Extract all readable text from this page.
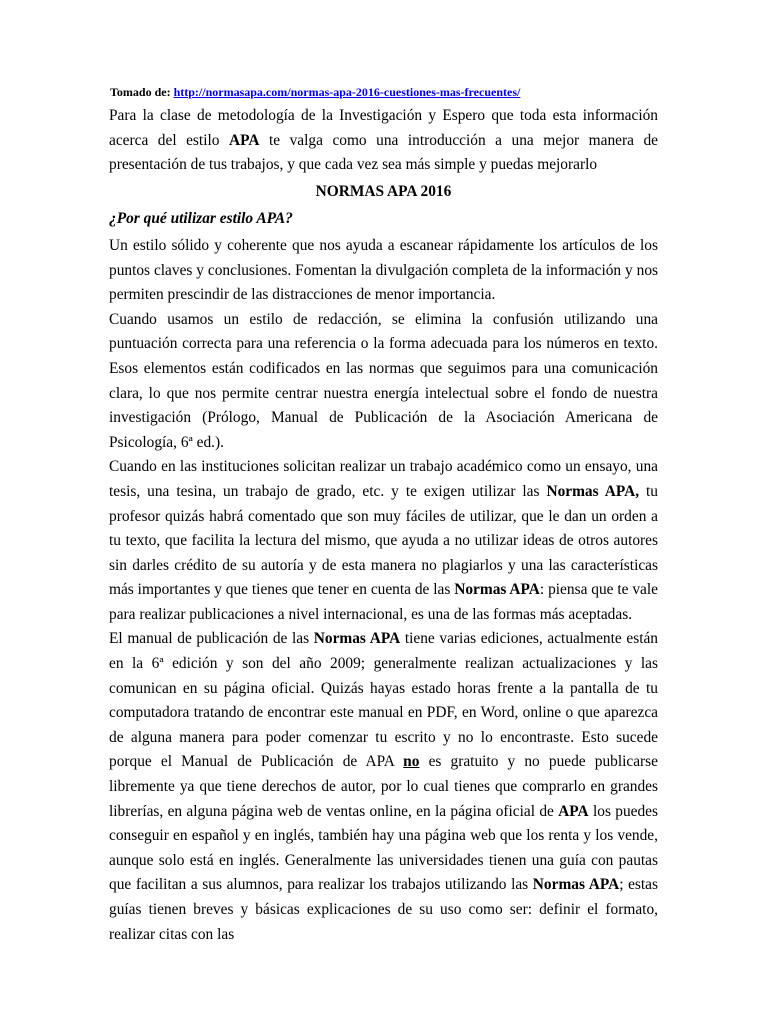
Tomado de: http://normasapa.com/normas-apa-2016-cuestiones-mas-frecuentes/

Para la clase de metodología de la Investigación y Espero que toda esta información acerca del estilo APA te valga como una introducción a una mejor manera de presentación de tus trabajos, y que cada vez sea más simple y puedas mejorarlo

NORMAS APA 2016
¿Por qué utilizar estilo APA?

Un estilo sólido y coherente que nos ayuda a escanear rápidamente los artículos de los puntos claves y conclusiones. Fomentan la divulgación completa de la información y nos permiten prescindir de las distracciones de menor importancia.

Cuando usamos un estilo de redacción, se elimina la confusión utilizando una puntuación correcta para una referencia o la forma adecuada para los números en texto. Esos elementos están codificados en las normas que seguimos para una comunicación clara, lo que nos permite centrar nuestra energía intelectual sobre el fondo de nuestra investigación (Prólogo, Manual de Publicación de la Asociación Americana de Psicología, 6ª ed.).

Cuando en las instituciones solicitan realizar un trabajo académico como un ensayo, una tesis, una tesina, un trabajo de grado, etc. y te exigen utilizar las Normas APA, tu profesor quizás habrá comentado que son muy fáciles de utilizar, que le dan un orden a tu texto, que facilita la lectura del mismo, que ayuda a no utilizar ideas de otros autores sin darles crédito de su autoría y de esta manera no plagiarlos y una las características más importantes y que tienes que tener en cuenta de las Normas APA: piensa que te vale para realizar publicaciones a nivel internacional, es una de las formas más aceptadas.

El manual de publicación de las Normas APA tiene varias ediciones, actualmente están en la 6ª edición y son del año 2009; generalmente realizan actualizaciones y las comunican en su página oficial. Quizás hayas estado horas frente a la pantalla de tu computadora tratando de encontrar este manual en PDF, en Word, online o que aparezca de alguna manera para poder comenzar tu escrito y no lo encontraste. Esto sucede porque el Manual de Publicación de APA no es gratuito y no puede publicarse libremente ya que tiene derechos de autor, por lo cual tienes que comprarlo en grandes librerías, en alguna página web de ventas online, en la página oficial de APA los puedes conseguir en español y en inglés, también hay una página web que los renta y los vende, aunque solo está en inglés. Generalmente las universidades tienen una guía con pautas que facilitan a sus alumnos, para realizar los trabajos utilizando las Normas APA; estas guías tienen breves y básicas explicaciones de su uso como ser: definir el formato, realizar citas con las
